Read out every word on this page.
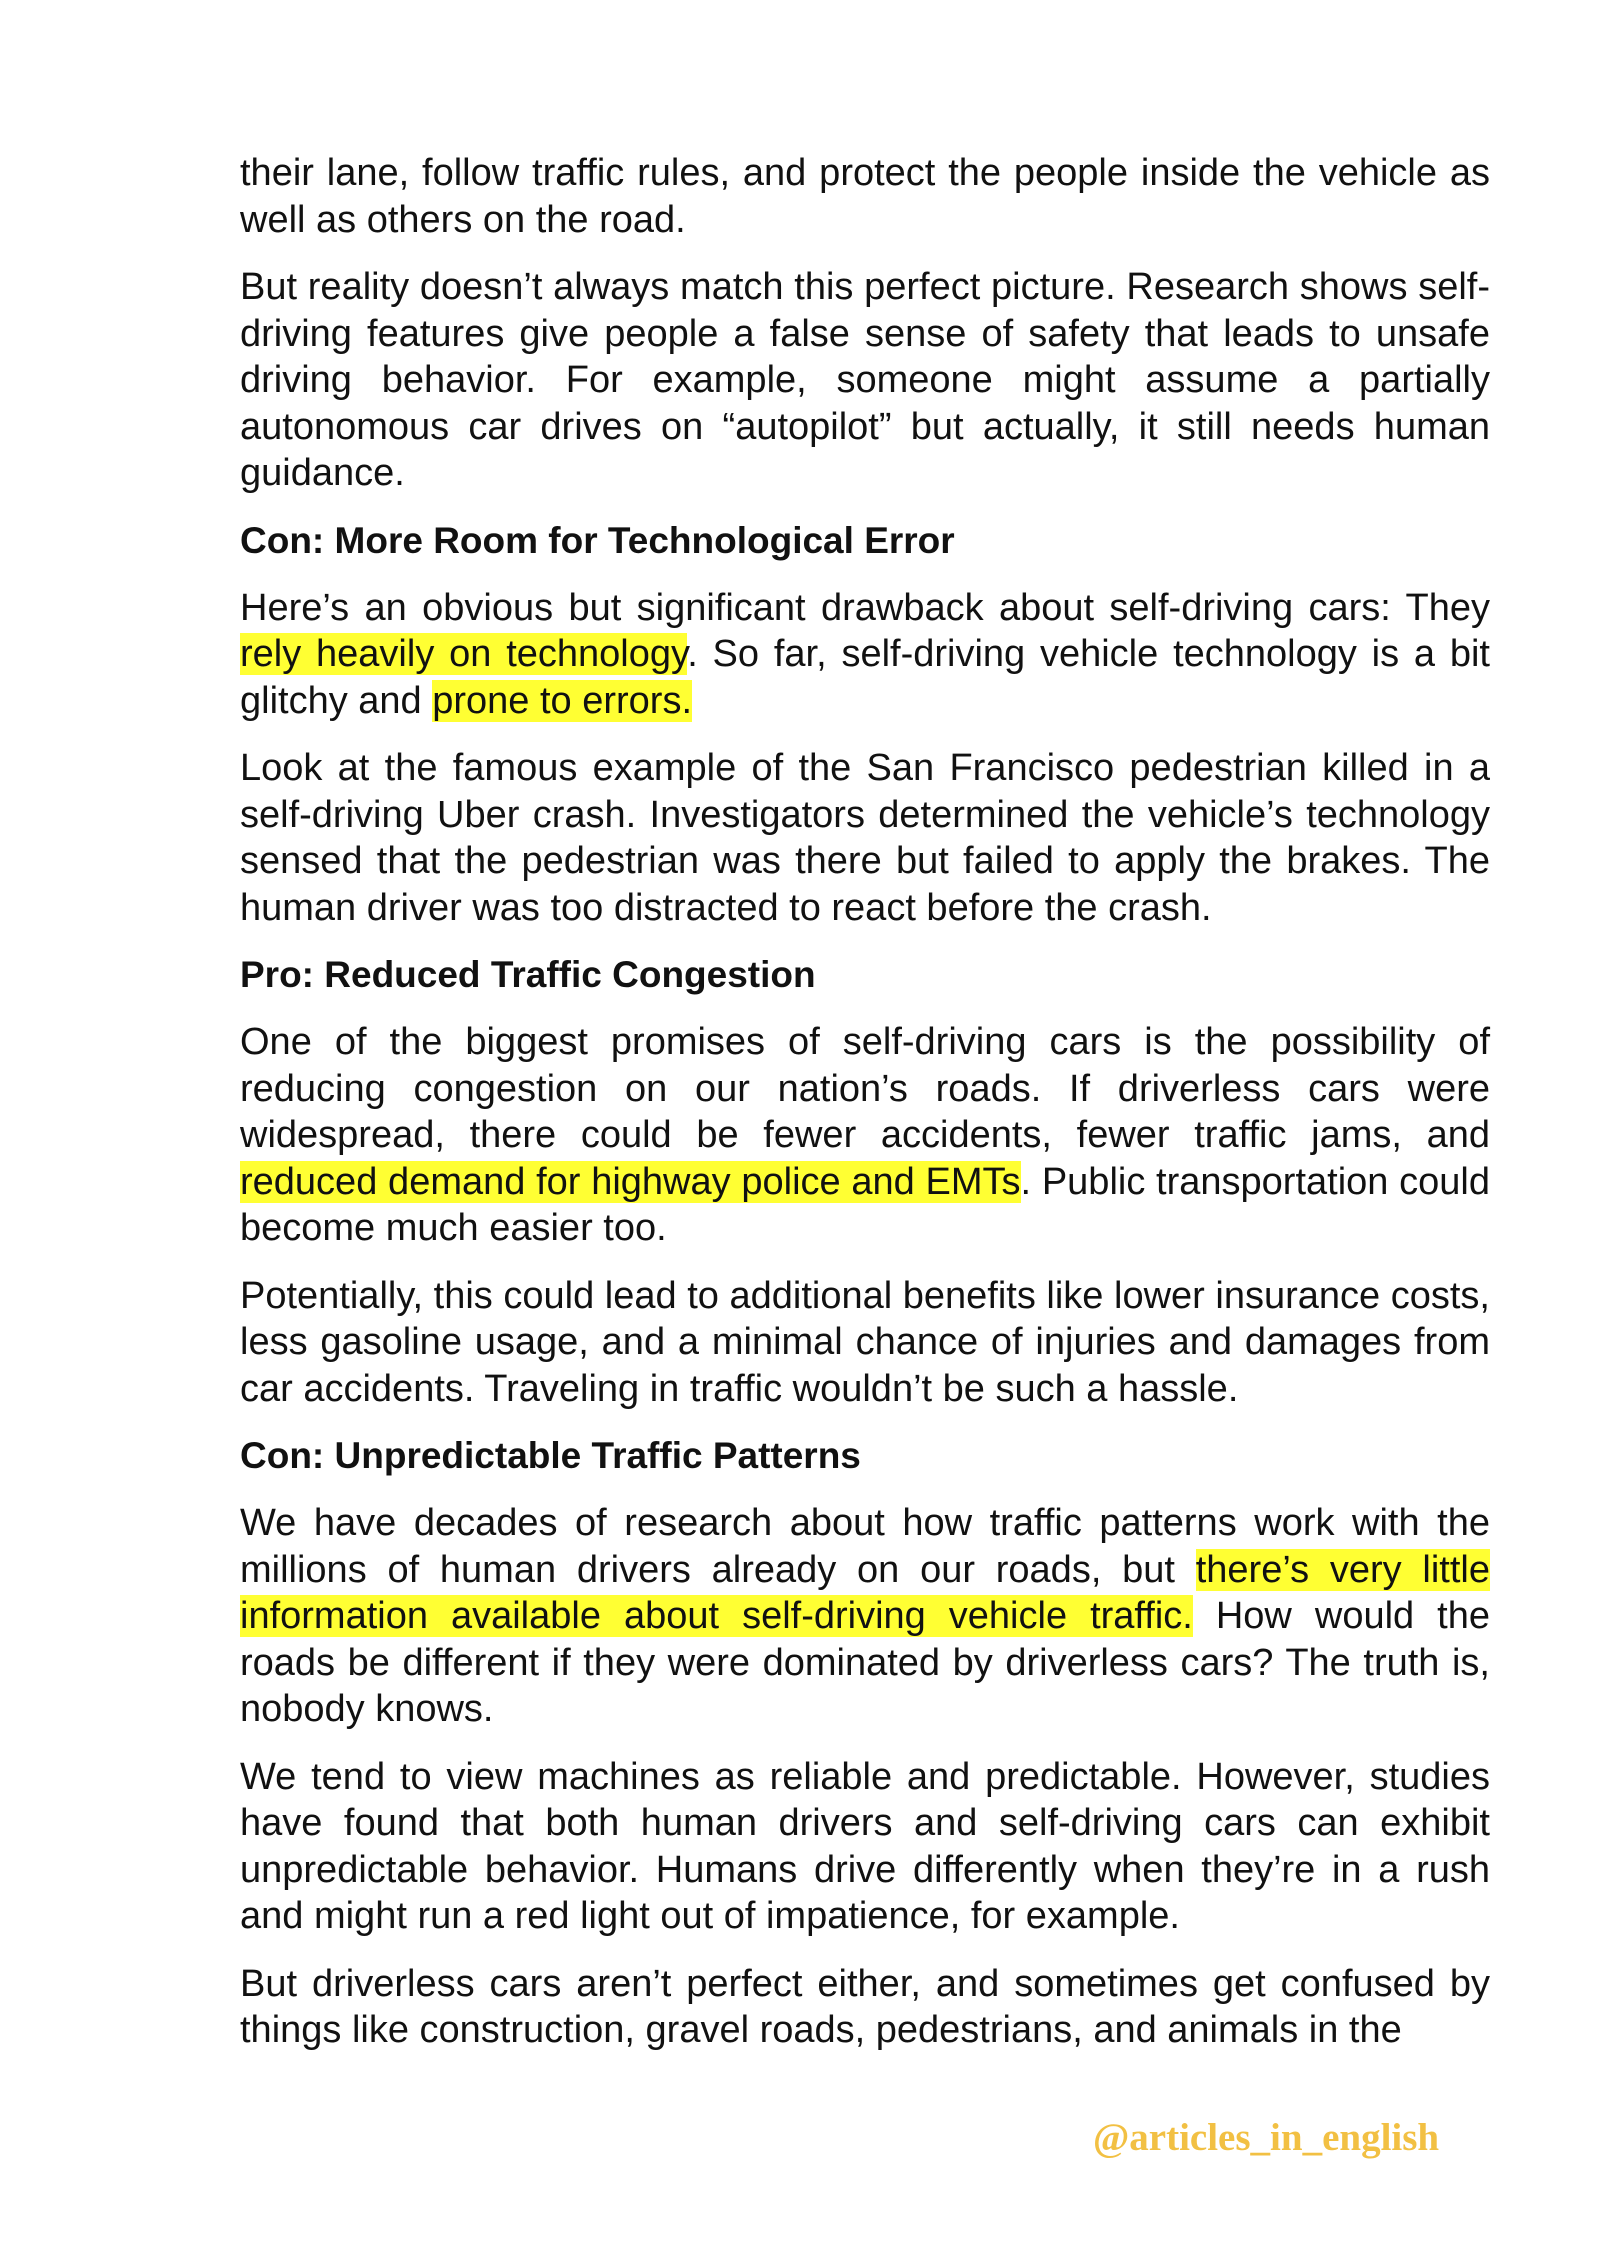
their lane, follow traffic rules, and protect the people inside the vehicle as well as others on the road.

But reality doesn’t always match this perfect picture. Research shows self-driving features give people a false sense of safety that leads to unsafe driving behavior. For example, someone might assume a partially autonomous car drives on “autopilot” but actually, it still needs human guidance.

Con: More Room for Technological Error

Here’s an obvious but significant drawback about self-driving cars: They rely heavily on technology. So far, self-driving vehicle technology is a bit glitchy and prone to errors.

Look at the famous example of the San Francisco pedestrian killed in a self-driving Uber crash. Investigators determined the vehicle’s technology sensed that the pedestrian was there but failed to apply the brakes. The human driver was too distracted to react before the crash.

Pro: Reduced Traffic Congestion

One of the biggest promises of self-driving cars is the possibility of reducing congestion on our nation’s roads. If driverless cars were widespread, there could be fewer accidents, fewer traffic jams, and reduced demand for highway police and EMTs. Public transportation could become much easier too.

Potentially, this could lead to additional benefits like lower insurance costs, less gasoline usage, and a minimal chance of injuries and damages from car accidents. Traveling in traffic wouldn’t be such a hassle.

Con: Unpredictable Traffic Patterns

We have decades of research about how traffic patterns work with the millions of human drivers already on our roads, but there’s very little information available about self-driving vehicle traffic. How would the roads be different if they were dominated by driverless cars? The truth is, nobody knows.

We tend to view machines as reliable and predictable. However, studies have found that both human drivers and self-driving cars can exhibit unpredictable behavior. Humans drive differently when they’re in a rush and might run a red light out of impatience, for example.

But driverless cars aren’t perfect either, and sometimes get confused by things like construction, gravel roads, pedestrians, and animals in the

@articles_in_english
